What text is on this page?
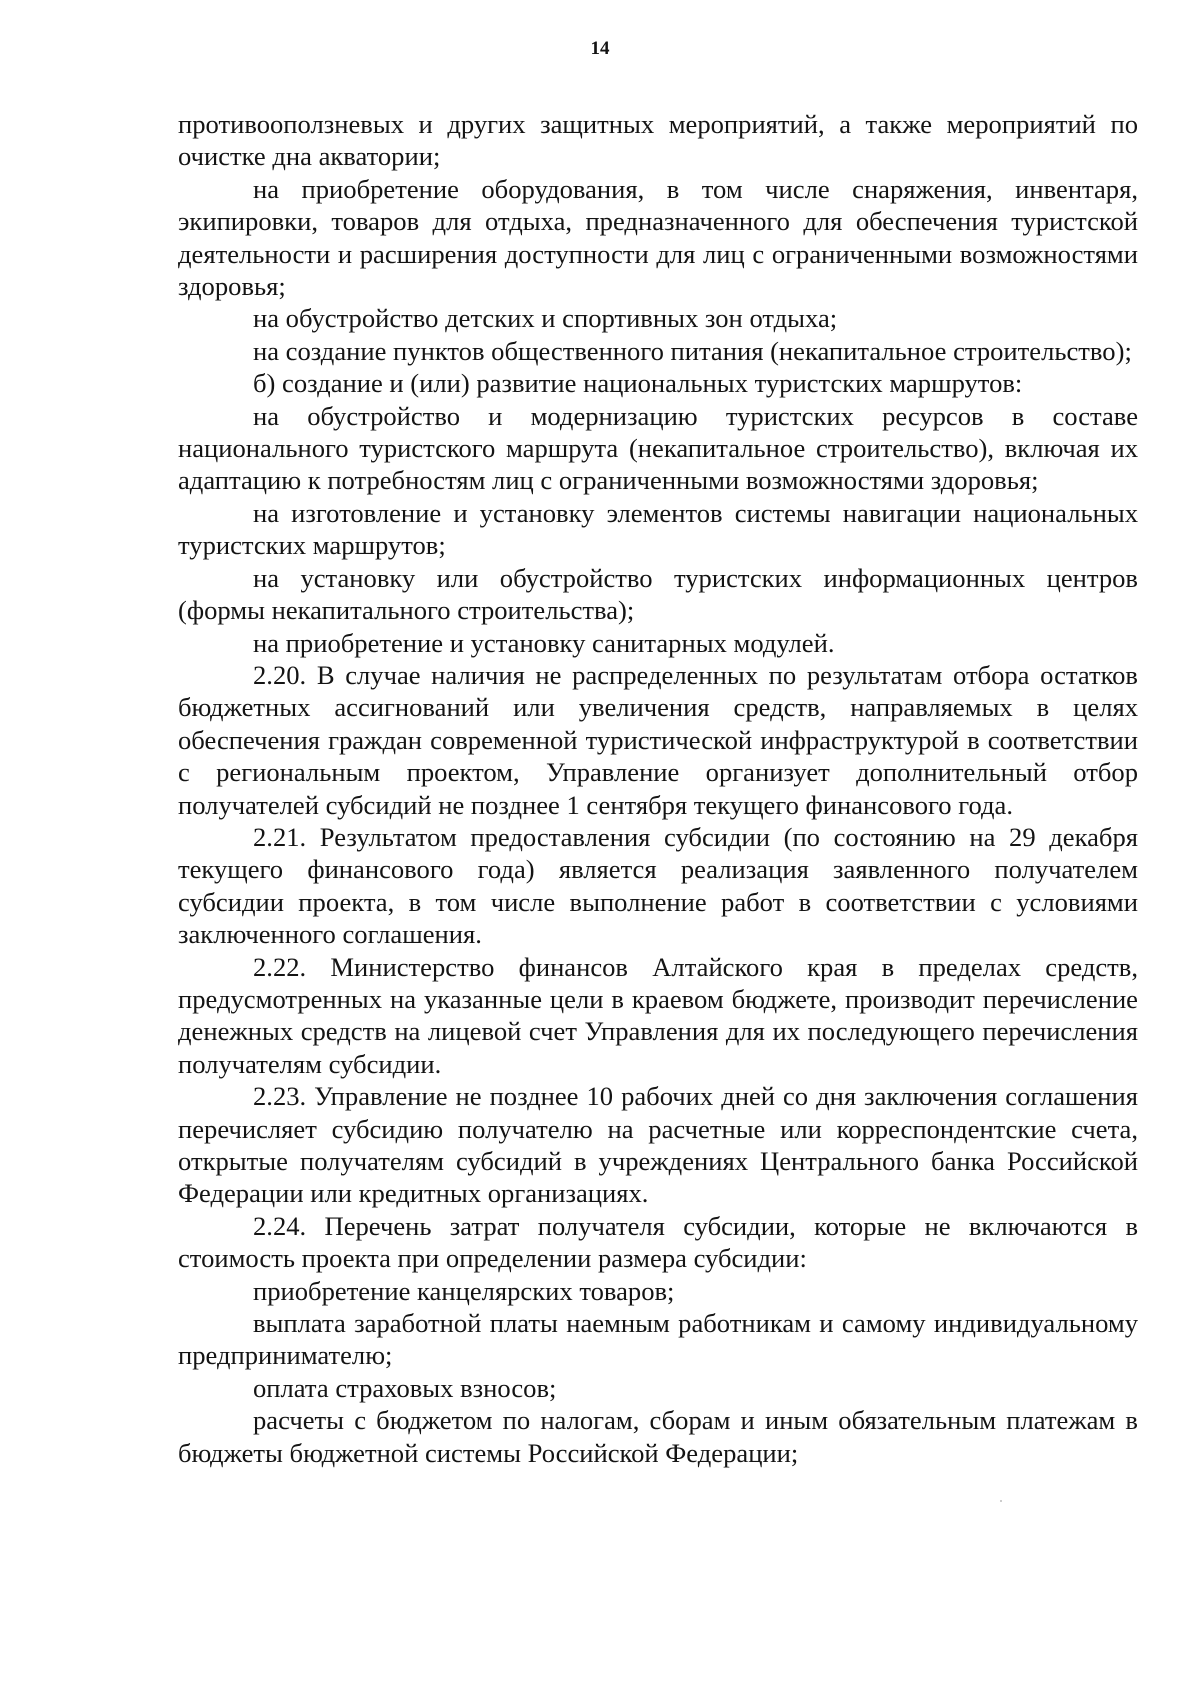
14

противооползневых и других защитных мероприятий, а также мероприятий по очистке дна акватории;

на приобретение оборудования, в том числе снаряжения, инвентаря, экипировки, товаров для отдыха, предназначенного для обеспечения туристской деятельности и расширения доступности для лиц с ограниченными возможностями здоровья;

на обустройство детских и спортивных зон отдыха;

на создание пунктов общественного питания (некапитальное строительство);

б) создание и (или) развитие национальных туристских маршрутов:

на обустройство и модернизацию туристских ресурсов в составе национального туристского маршрута (некапитальное строительство), включая их адаптацию к потребностям лиц с ограниченными возможностями здоровья;

на изготовление и установку элементов системы навигации национальных туристских маршрутов;

на установку или обустройство туристских информационных центров (формы некапитального строительства);

на приобретение и установку санитарных модулей.

2.20. В случае наличия не распределенных по результатам отбора остатков бюджетных ассигнований или увеличения средств, направляемых в целях обеспечения граждан современной туристической инфраструктурой в соответствии с региональным проектом, Управление организует дополнительный отбор получателей субсидий не позднее 1 сентября текущего финансового года.

2.21. Результатом предоставления субсидии (по состоянию на 29 декабря текущего финансового года) является реализация заявленного получателем субсидии проекта, в том числе выполнение работ в соответствии с условиями заключенного соглашения.

2.22. Министерство финансов Алтайского края в пределах средств, предусмотренных на указанные цели в краевом бюджете, производит перечисление денежных средств на лицевой счет Управления для их последующего перечисления получателям субсидии.

2.23. Управление не позднее 10 рабочих дней со дня заключения соглашения перечисляет субсидию получателю на расчетные или корреспондентские счета, открытые получателям субсидий в учреждениях Центрального банка Российской Федерации или кредитных организациях.

2.24. Перечень затрат получателя субсидии, которые не включаются в стоимость проекта при определении размера субсидии:

приобретение канцелярских товаров;

выплата заработной платы наемным работникам и самому индивидуальному предпринимателю;

оплата страховых взносов;

расчеты с бюджетом по налогам, сборам и иным обязательным платежам в бюджеты бюджетной системы Российской Федерации;
